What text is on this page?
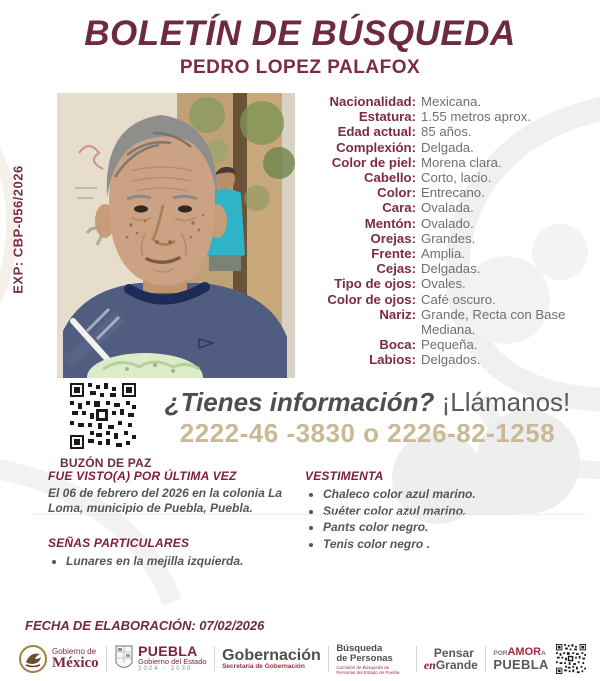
BOLETÍN DE BÚSQUEDA
PEDRO LOPEZ PALAFOX
EXP: CBP-056/2026
Nacionalidad: Mexicana.
Estatura: 1.55 metros aprox.
Edad actual: 85 años.
Complexión: Delgada.
Color de piel: Morena clara.
Cabello: Corto, lacio.
Color: Entrecano.
Cara: Ovalada.
Mentón: Ovalado.
Orejas: Grandes.
Frente: Amplia.
Cejas: Delgadas.
Tipo de ojos: Ovales.
Color de ojos: Café oscuro.
Nariz: Grande, Recta con Base Mediana.
Boca: Pequeña.
Labios: Delgados.
BUZÓN DE PAZ
¿Tienes información? ¡Llámanos!
2222-46 -3830 o 2226-82-1258
FUE VISTO(A) POR ÚLTIMA VEZ
El 06 de febrero del 2026 en la colonia La Loma, municipio de Puebla, Puebla.
VESTIMENTA
• Chaleco color azul marino.
• Suéter color azul marino.
• Pants color negro.
• Tenis color negro .
SEÑAS PARTICULARES
• Lunares en la mejilla izquierda.
FECHA DE ELABORACIÓN: 07/02/2026
Gobierno de
México
PUEBLA
Gobierno del Estado
2024 - 2030
Gobernación
Secretaría de Gobernación
Búsqueda
de Personas
Comisión de Búsqueda de Personas del Estado de Puebla
Pensar
enGrande
PORAMORA
PUEBLA
